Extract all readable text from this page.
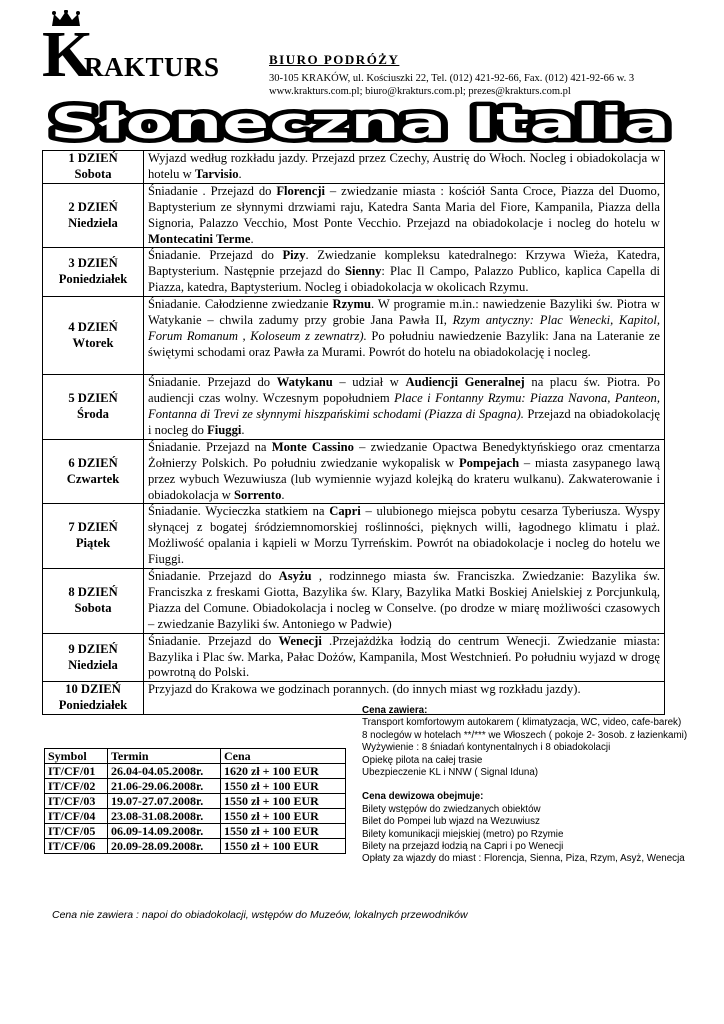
K
RAKTURS	BIURO PODRÓŻY
30-105 KRAKÓW, ul. Kościuszki 22, Tel. (012) 421-92-66, Fax. (012) 421-92-66 w. 3
www.krakturs.com.pl; biuro@krakturs.com.pl; prezes@krakturs.com.pl
Słoneczna Italia
1 DZIEŃ
Sobota	Wyjazd według rozkładu jazdy. Przejazd przez Czechy, Austrię do Włoch. Nocleg i obiadokolacja w hotelu w Tarvisio.

2 DZIEŃ
Niedziela	Śniadanie . Przejazd do Florencji – zwiedzanie miasta : kościół Santa Croce, Piazza del Duomo, Baptysterium ze słynnymi drzwiami raju, Katedra Santa Maria del Fiore, Kampanila, Piazza della Signoria, Palazzo Vecchio, Most Ponte Vecchio. Przejazd na obiadokolacje i nocleg do hotelu w Montecatini Terme.

3 DZIEŃ
Poniedziałek	Śniadanie. Przejazd do Pizy. Zwiedzanie kompleksu katedralnego: Krzywa Wieża, Katedra, Baptysterium. Następnie przejazd do Sienny: Plac Il Campo, Palazzo Publico, kaplica Capella di Piazza, katedra, Baptysterium. Nocleg i obiadokolacja w okolicach Rzymu.

4 DZIEŃ
Wtorek	Śniadanie. Całodzienne zwiedzanie Rzymu. W programie m.in.: nawiedzenie Bazyliki św. Piotra w Watykanie – chwila zadumy przy grobie Jana Pawła II, Rzym antyczny: Plac Wenecki, Kapitol, Forum Romanum , Koloseum z zewnatrz). Po południu nawiedzenie Bazylik: Jana na Lateranie ze świętymi schodami oraz Pawła za Murami. Powrót do hotelu na obiadokolację i nocleg.

5 DZIEŃ
Środa	Śniadanie. Przejazd do Watykanu – udział w Audiencji Generalnej na placu św. Piotra. Po audiencji czas wolny. Wczesnym popołudniem Place i Fontanny Rzymu: Piazza Navona, Panteon, Fontanna di Trevi ze słynnymi hiszpańskimi schodami (Piazza di Spagna). Przejazd na obiadokolację i nocleg do Fiuggi.

6 DZIEŃ
Czwartek	Śniadanie. Przejazd na Monte Cassino – zwiedzanie Opactwa Benedyktyńskiego oraz cmentarza Żołnierzy Polskich. Po południu zwiedzanie wykopalisk w Pompejach – miasta zasypanego lawą przez wybuch Wezuwiusza (lub wymiennie wyjazd kolejką do krateru wulkanu). Zakwaterowanie i obiadokolacja w Sorrento.

7 DZIEŃ
Piątek	Śniadanie. Wycieczka statkiem na Capri – ulubionego miejsca pobytu cesarza Tyberiusza. Wyspy słynącej z bogatej śródziemnomorskiej roślinności, pięknych willi, łagodnego klimatu i plaż. Możliwość opalania i kąpieli w Morzu Tyrreńskim. Powrót na obiadokolacje i nocleg do hotelu we Fiuggi.

8 DZIEŃ
Sobota	Śniadanie. Przejazd do Asyżu , rodzinnego miasta św. Franciszka. Zwiedzanie: Bazylika św. Franciszka z freskami Giotta, Bazylika św. Klary, Bazylika Matki Boskiej Anielskiej z Porcjunkulą, Piazza del Comune. Obiadokolacja i nocleg w Conselve. (po drodze w miarę możliwości czasowych – zwiedzanie Bazyliki św. Antoniego w Padwie)

9 DZIEŃ
Niedziela	Śniadanie. Przejazd do Wenecji .Przejażdżka łodzią do centrum Wenecji. Zwiedzanie miasta: Bazylika i Plac św. Marka, Pałac Dożów, Kampanila, Most Westchnień. Po południu wyjazd w drogę powrotną do Polski.

10 DZIEŃ
Poniedziałek	Przyjazd do Krakowa we godzinach porannych. (do innych miast wg rozkładu jazdy).
Symbol	Termin	Cena
IT/CF/01	26.04-04.05.2008r.	1620 zł + 100 EUR
IT/CF/02	21.06-29.06.2008r.	1550 zł + 100 EUR
IT/CF/03	19.07-27.07.2008r.	1550 zł + 100 EUR
IT/CF/04	23.08-31.08.2008r.	1550 zł + 100 EUR
IT/CF/05	06.09-14.09.2008r.	1550 zł + 100 EUR
IT/CF/06	20.09-28.09.2008r.	1550 zł + 100 EUR
Cena zawiera:
Transport komfortowym autokarem ( klimatyzacja, WC, video, cafe-barek)
8 noclegów w hotelach **/*** we Włoszech ( pokoje 2- 3osob. z łazienkami)
Wyżywienie : 8 śniadań kontynentalnych i 8 obiadokolacji
Opiekę pilota na całej trasie
Ubezpieczenie KL i NNW ( Signal Iduna)
Cena dewizowa obejmuje:
Bilety wstępów do zwiedzanych obiektów
Bilet do Pompei lub wjazd na Wezuwiusz
Bilety komunikacji miejskiej (metro) po Rzymie
Bilety na przejazd łodzią na Capri i po Wenecji
Opłaty za wjazdy do miast : Florencja, Sienna, Piza, Rzym, Asyż, Wenecja
Cena nie zawiera : napoi do obiadokolacji, wstępów do Muzeów, lokalnych przewodników
